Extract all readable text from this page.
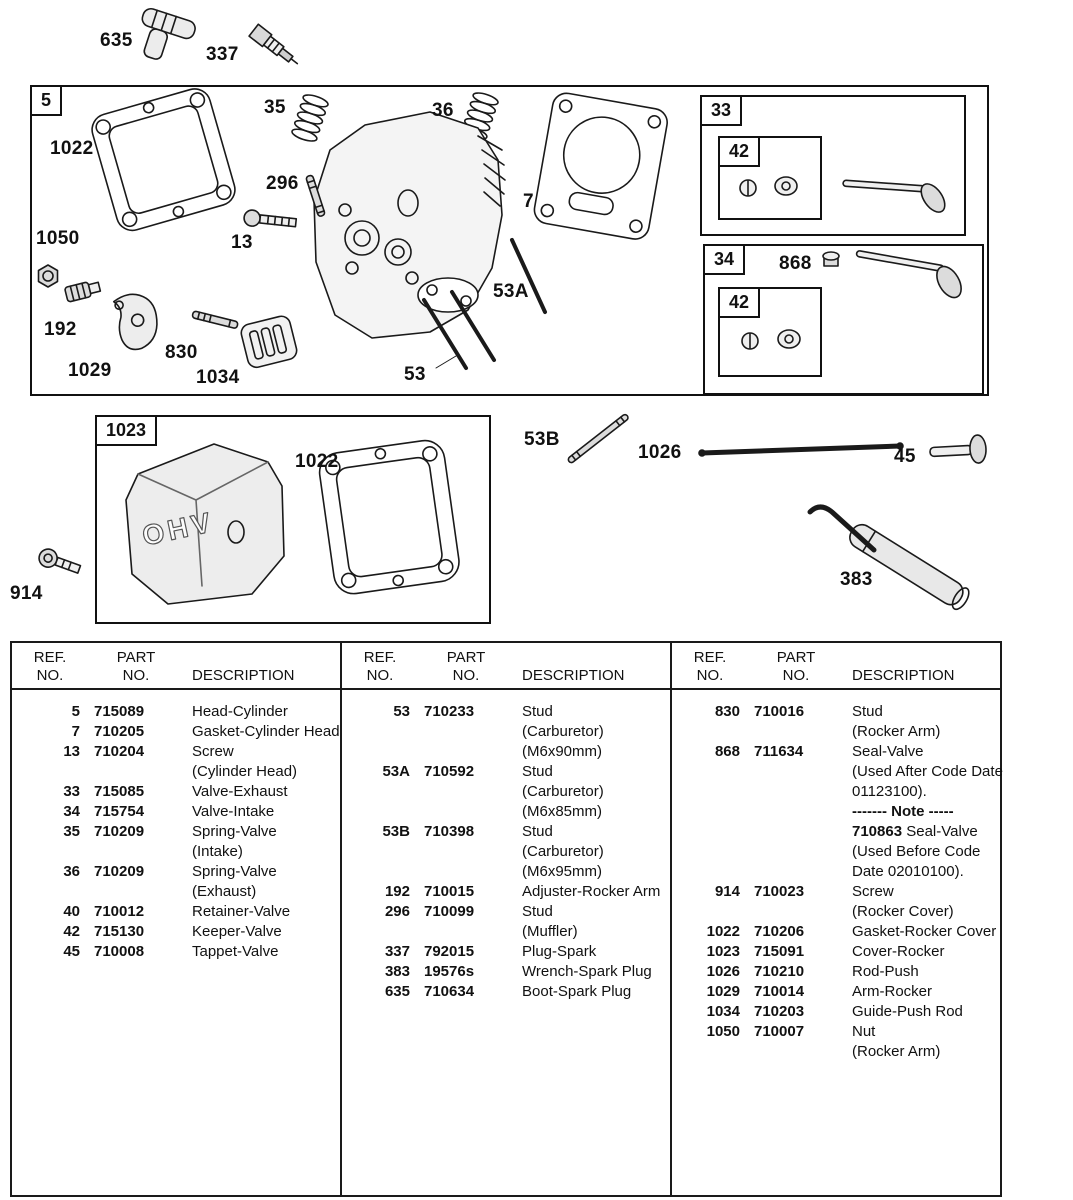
OHV
5	33
42
34
42
1023
635
337
1022
35	36
296
7
13
1050
192
830
1029	1034
53A
53
868
1022
914
53B
1026	45
383
REF.	PART
NO.	NO.	DESCRIPTION
5 715089	Head-Cylinder
7 710205	Gasket-Cylinder Head
13 710204	Screw
(Cylinder Head)
33 715085	Valve-Exhaust
34 715754	Valve-Intake
35 710209	Spring-Valve
(Intake)
36 710209	Spring-Valve
(Exhaust)
40 710012	Retainer-Valve
42 715130	Keeper-Valve
45 710008	Tappet-Valve
REF.	PART
NO.	NO.	DESCRIPTION
53 710233	Stud
(Carburetor)
(M6x90mm)
53A 710592	Stud
(Carburetor)
(M6x85mm)
53B 710398	Stud
(Carburetor)
(M6x95mm)
192 710015	Adjuster-Rocker Arm
296 710099	Stud
(Muffler)
337 792015	Plug-Spark
383 19576s	Wrench-Spark Plug
635 710634	Boot-Spark Plug
REF.	PART
NO.	NO.	DESCRIPTION
830 710016	Stud
(Rocker Arm)
868 711634	Seal-Valve
(Used After Code Date
01123100).
------- Note -----
710863 Seal-Valve
(Used Before Code
Date 02010100).
914 710023	Screw
(Rocker Cover)
1022 710206	Gasket-Rocker Cover
1023 715091	Cover-Rocker
1026 710210	Rod-Push
1029 710014	Arm-Rocker
1034 710203	Guide-Push Rod
1050 710007	Nut
(Rocker Arm)
